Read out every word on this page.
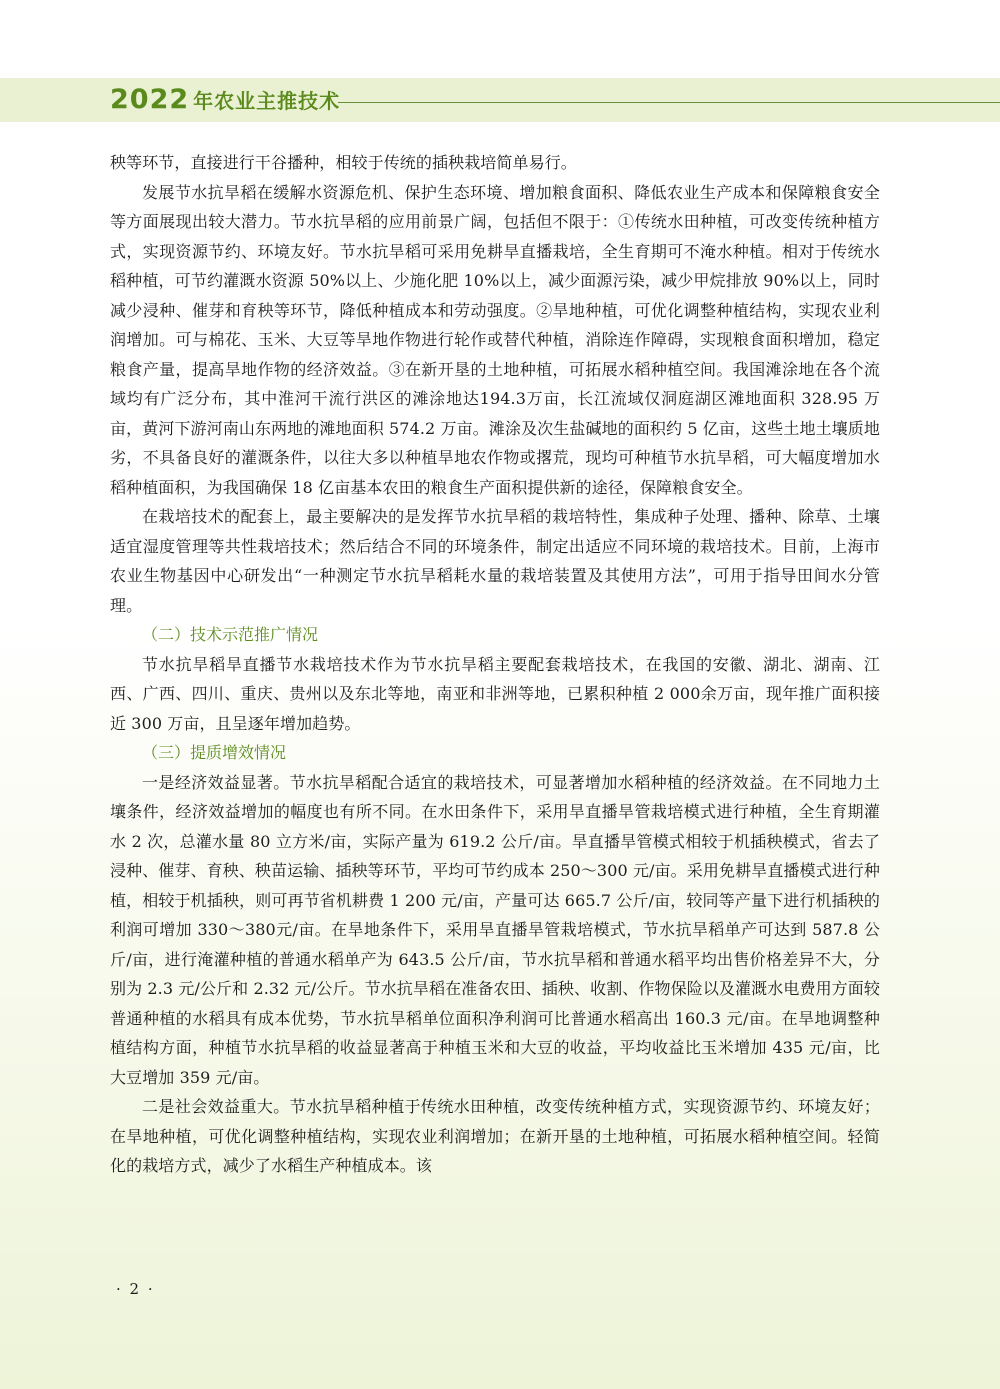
2022 年农业主推技术

秧等环节，直接进行干谷播种，相较于传统的插秧栽培简单易行。

发展节水抗旱稻在缓解水资源危机、保护生态环境、增加粮食面积、降低农业生产成本和保障粮食安全等方面展现出较大潜力。节水抗旱稻的应用前景广阔，包括但不限于：①传统水田种植，可改变传统种植方式，实现资源节约、环境友好。节水抗旱稻可采用免耕旱直播栽培，全生育期可不淹水种植。相对于传统水稻种植，可节约灌溉水资源 50%以上、少施化肥 10%以上，减少面源污染，减少甲烷排放 90%以上，同时减少浸种、催芽和育秧等环节，降低种植成本和劳动强度。②旱地种植，可优化调整种植结构，实现农业利润增加。可与棉花、玉米、大豆等旱地作物进行轮作或替代种植，消除连作障碍，实现粮食面积增加，稳定粮食产量，提高旱地作物的经济效益。③在新开垦的土地种植，可拓展水稻种植空间。我国滩涂地在各个流域均有广泛分布，其中淮河干流行洪区的滩涂地达194.3万亩，长江流域仅洞庭湖区滩地面积 328.95 万亩，黄河下游河南山东两地的滩地面积 574.2 万亩。滩涂及次生盐碱地的面积约 5 亿亩，这些土地土壤质地劣，不具备良好的灌溉条件，以往大多以种植旱地农作物或撂荒，现均可种植节水抗旱稻，可大幅度增加水稻种植面积，为我国确保 18 亿亩基本农田的粮食生产面积提供新的途径，保障粮食安全。

在栽培技术的配套上，最主要解决的是发挥节水抗旱稻的栽培特性，集成种子处理、播种、除草、土壤适宜湿度管理等共性栽培技术；然后结合不同的环境条件，制定出适应不同环境的栽培技术。目前，上海市农业生物基因中心研发出“一种测定节水抗旱稻耗水量的栽培装置及其使用方法”，可用于指导田间水分管理。

（二）技术示范推广情况

节水抗旱稻旱直播节水栽培技术作为节水抗旱稻主要配套栽培技术，在我国的安徽、湖北、湖南、江西、广西、四川、重庆、贵州以及东北等地，南亚和非洲等地，已累积种植 2 000余万亩，现年推广面积接近 300 万亩，且呈逐年增加趋势。

（三）提质增效情况

一是经济效益显著。节水抗旱稻配合适宜的栽培技术，可显著增加水稻种植的经济效益。在不同地力土壤条件，经济效益增加的幅度也有所不同。在水田条件下，采用旱直播旱管栽培模式进行种植，全生育期灌水 2 次，总灌水量 80 立方米/亩，实际产量为 619.2 公斤/亩。旱直播旱管模式相较于机插秧模式，省去了浸种、催芽、育秧、秧苗运输、插秧等环节，平均可节约成本 250～300 元/亩。采用免耕旱直播模式进行种植，相较于机插秧，则可再节省机耕费 1 200 元/亩，产量可达 665.7 公斤/亩，较同等产量下进行机插秧的利润可增加 330～380元/亩。在旱地条件下，采用旱直播旱管栽培模式，节水抗旱稻单产可达到 587.8 公斤/亩，进行淹灌种植的普通水稻单产为 643.5 公斤/亩，节水抗旱稻和普通水稻平均出售价格差异不大，分别为 2.3 元/公斤和 2.32 元/公斤。节水抗旱稻在准备农田、插秧、收割、作物保险以及灌溉水电费用方面较普通种植的水稻具有成本优势，节水抗旱稻单位面积净利润可比普通水稻高出 160.3 元/亩。在旱地调整种植结构方面，种植节水抗旱稻的收益显著高于种植玉米和大豆的收益，平均收益比玉米增加 435 元/亩，比大豆增加 359 元/亩。

二是社会效益重大。节水抗旱稻种植于传统水田种植，改变传统种植方式，实现资源节约、环境友好；在旱地种植，可优化调整种植结构，实现农业利润增加；在新开垦的土地种植，可拓展水稻种植空间。轻简化的栽培方式，减少了水稻生产种植成本。该

· 2 ·
